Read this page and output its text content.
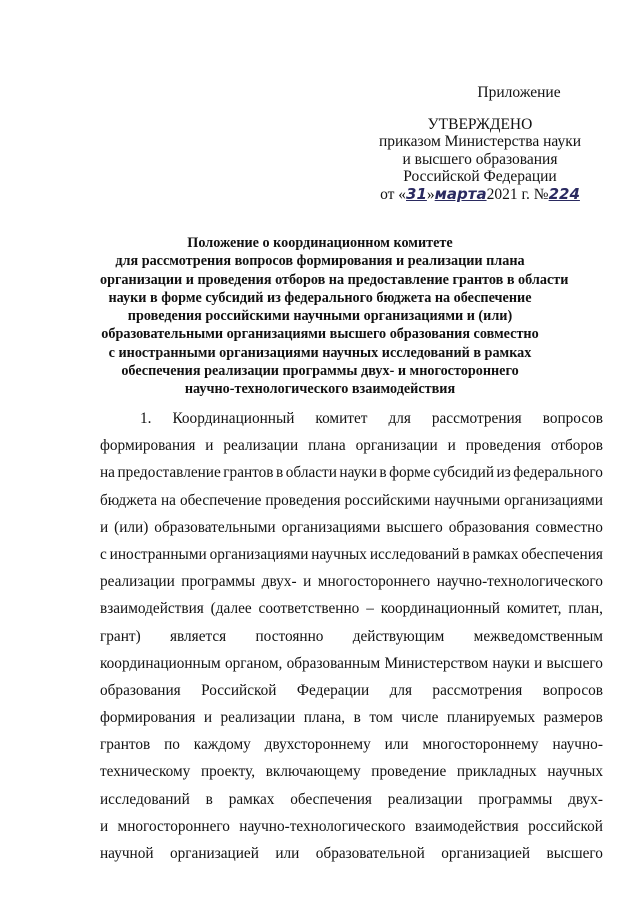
Приложение
УТВЕРЖДЕНО
приказом Министерства науки
и высшего образования
Российской Федерации
от «31»марта2021 г. №224
Положение о координационном комитете
для рассмотрения вопросов формирования и реализации плана
организации и проведения отборов на предоставление грантов в области
науки в форме субсидий из федерального бюджета на обеспечение
проведения российскими научными организациями и (или)
образовательными организациями высшего образования совместно
с иностранными организациями научных исследований в рамках
обеспечения реализации программы двух- и многостороннего
научно-технологического взаимодействия
1. Координационный комитет для рассмотрения вопросов
формирования и реализации плана организации и проведения отборов
на предоставление грантов в области науки в форме субсидий из федерального
бюджета на обеспечение проведения российскими научными организациями
и (или) образовательными организациями высшего образования совместно
с иностранными организациями научных исследований в рамках обеспечения
реализации программы двух- и многостороннего научно-технологического
взаимодействия (далее соответственно – координационный комитет, план,
грант) является постоянно действующим межведомственным
координационным органом, образованным Министерством науки и высшего
образования Российской Федерации для рассмотрения вопросов
формирования и реализации плана, в том числе планируемых размеров
грантов по каждому двухстороннему или многостороннему научно-
техническому проекту, включающему проведение прикладных научных
исследований в рамках обеспечения реализации программы двух-
и многостороннего научно-технологического взаимодействия российской
научной организацией или образовательной организацией высшего
